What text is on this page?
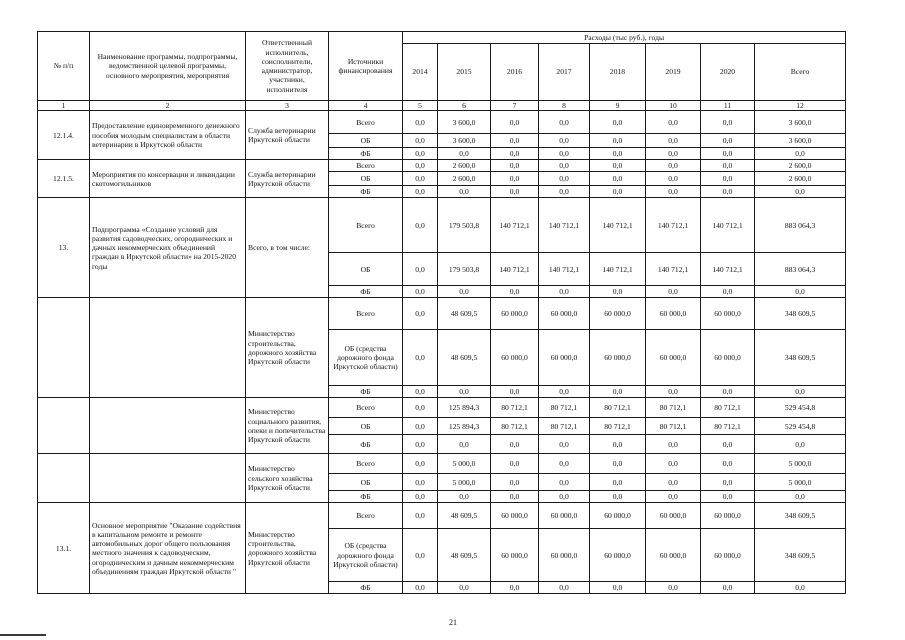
№ п/п	Наименование программы, подпрограммы, ведомственной целевой программы, основного мероприятия, мероприятия	Ответственный исполнитель, соисполнители, администратор, участники, исполнителя	Источники финансирования	Расходы (тыс руб.), годы							
				2014	2015	2016	2017	2018	2019	2020	Всего
1	2	3	4	5	6	7	8	9	10	11	12
12.1.4.	Предоставление единовременного денежного пособия молодым специалистам в области ветеринарии в Иркутской области	Служба ветеринарии Иркутской области	Всего	0,0	3 600,0	0,0	0,0	0,0	0,0	0,0	3 600,0
			ОБ	0,0	3 600,0	0,0	0,0	0,0	0,0	0,0	3 600,0
			ФБ	0,0	0,0	0,0	0,0	0,0	0,0	0,0	0,0
12.1.5.	Мероприятия по консервации и ликвидации скотомогильников	Служба ветеринарии Иркутской области	Всего	0,0	2 600,0	0,0	0,0	0,0	0,0	0,0	2 600,0
			ОБ	0,0	2 600,0	0,0	0,0	0,0	0,0	0,0	2 600,0
			ФБ	0,0	0,0	0,0	0,0	0,0	0,0	0,0	0,0
13.	Подпрограмма «Создание условий для развития садоводческих, огороднических и дачных некоммерческих объединений граждан в Иркутской области» на 2015-2020 годы	Всего, в том числе:	Всего	0,0	179 503,8	140 712,1	140 712,1	140 712,1	140 712,1	140 712,1	883 064,3
			ОБ	0,0	179 503,8	140 712,1	140 712,1	140 712,1	140 712,1	140 712,1	883 064,3
			ФБ	0,0	0,0	0,0	0,0	0,0	0,0	0,0	0,0
		Министерство строительства, дорожного хозяйства Иркутской области	Всего	0,0	48 609,5	60 000,0	60 000,0	60 000,0	60 000,0	60 000,0	348 609,5
			ОБ (средства дорожного фонда Иркутской области)	0,0	48 609,5	60 000,0	60 000,0	60 000,0	60 000,0	60 000,0	348 609,5
			ФБ	0,0	0,0	0,0	0,0	0,0	0,0	0,0	0,0
		Министерство социального развития, опеки и попечительства Иркутской области	Всего	0,0	125 894,3	80 712,1	80 712,1	80 712,1	80 712,1	80 712,1	529 454,8
			ОБ	0,0	125 894,3	80 712,1	80 712,1	80 712,1	80 712,1	80 712,1	529 454,8
			ФБ	0,0	0,0	0,0	0,0	0,0	0,0	0,0	0,0
		Министерство сельского хозяйства Иркутской области	Всего	0,0	5 000,0	0,0	0,0	0,0	0,0	0,0	5 000,0
			ОБ	0,0	5 000,0	0,0	0,0	0,0	0,0	0,0	5 000,0
			ФБ	0,0	0,0	0,0	0,0	0,0	0,0	0,0	0,0
13.1.	Основное мероприятие "Оказание содействия в капитальном ремонте и ремонте автомобильных дорог общего пользования местного значения к садоводческим, огородническим и дачным некоммерческим объединениям граждан Иркутской области "	Министерство строительства, дорожного хозяйства Иркутской области	Всего	0,0	48 609,5	60 000,0	60 000,0	60 000,0	60 000,0	60 000,0	348 609,5
			ОБ (средства дорожного фонда Иркутской области)	0,0	48 609,5	60 000,0	60 000,0	60 000,0	60 000,0	60 000,0	348 609,5
			ФБ	0,0	0,0	0,0	0,0	0,0	0,0	0,0	0,0
21
